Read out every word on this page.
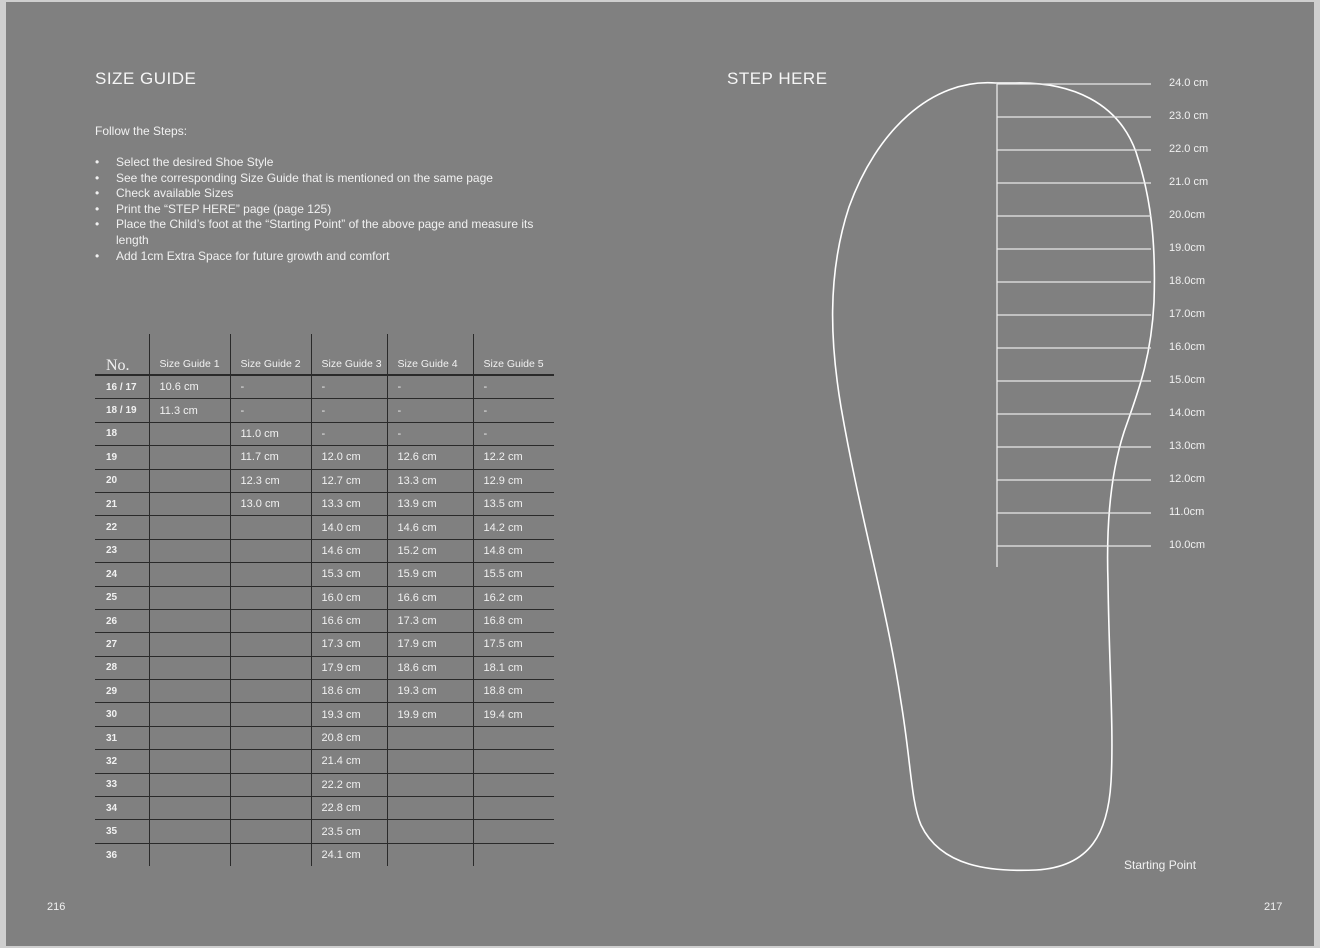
SIZE GUIDE
Follow the Steps:
• Select the desired Shoe Style
• See the corresponding Size Guide that is mentioned on the same page
• Check available Sizes
• Print the “STEP HERE” page (page 125)
• Place the Child’s foot at the “Starting Point” of the above page and measure its length
• Add 1cm Extra Space for future growth and comfort
No.	Size Guide 1	Size Guide 2	Size Guide 3	Size Guide 4	Size Guide 5
16 / 17	10.6 cm	-	-	-	-
18 / 19	11.3 cm	-	-	-	-
18		11.0 cm	-	-	-
19		11.7 cm	12.0 cm	12.6 cm	12.2 cm
20		12.3 cm	12.7 cm	13.3 cm	12.9 cm
21		13.0 cm	13.3 cm	13.9 cm	13.5 cm
22			14.0 cm	14.6 cm	14.2 cm
23			14.6 cm	15.2 cm	14.8 cm
24			15.3 cm	15.9 cm	15.5 cm
25			16.0 cm	16.6 cm	16.2 cm
26			16.6 cm	17.3 cm	16.8 cm
27			17.3 cm	17.9 cm	17.5 cm
28			17.9 cm	18.6 cm	18.1 cm
29			18.6 cm	19.3 cm	18.8 cm
30			19.3 cm	19.9 cm	19.4 cm
31			20.8 cm		
32			21.4 cm		
33			22.2 cm		
34			22.8 cm		
35			23.5 cm		
36			24.1 cm		
216
STEP HERE	24.0 cm
23.0 cm
22.0 cm
21.0 cm
20.0cm
19.0cm
18.0cm
17.0cm
16.0cm
15.0cm
14.0cm
13.0cm
12.0cm
11.0cm
10.0cm
Starting Point
217
